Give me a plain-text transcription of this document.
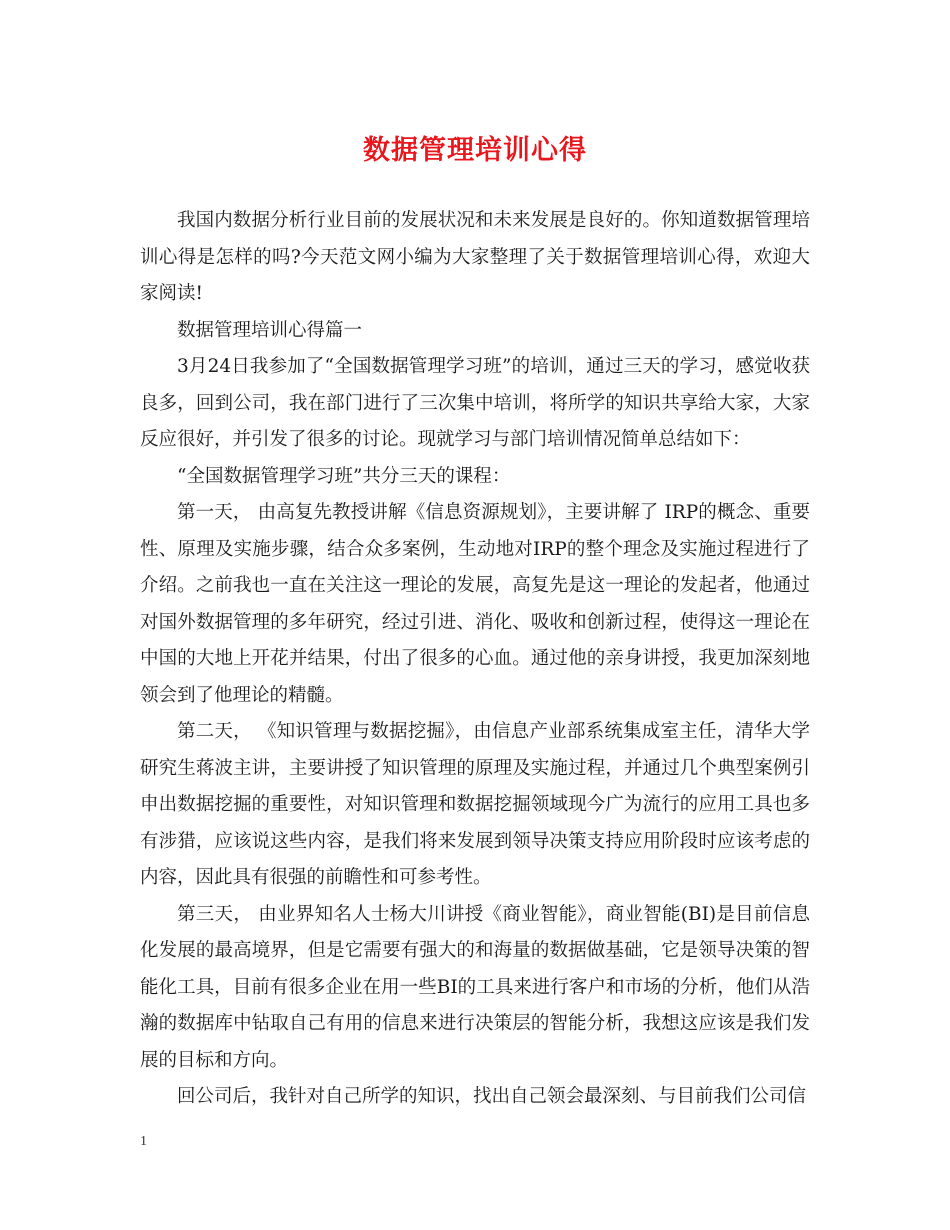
数据管理培训心得

我国内数据分析行业目前的发展状况和未来发展是良好的。你知道数据管理培训心得是怎样的吗?今天范文网小编为大家整理了关于数据管理培训心得，欢迎大家阅读!

数据管理培训心得篇一

3月24日我参加了“全国数据管理学习班”的培训，通过三天的学习，感觉收获良多，回到公司，我在部门进行了三次集中培训，将所学的知识共享给大家，大家反应很好，并引发了很多的讨论。现就学习与部门培训情况简单总结如下：

“全国数据管理学习班”共分三天的课程：

第一天， 由高复先教授讲解《信息资源规划》，主要讲解了 IRP的概念、重要性、原理及实施步骤，结合众多案例，生动地对IRP的整个理念及实施过程进行了介绍。之前我也一直在关注这一理论的发展，高复先是这一理论的发起者，他通过对国外数据管理的多年研究，经过引进、消化、吸收和创新过程，使得这一理论在中国的大地上开花并结果，付出了很多的心血。通过他的亲身讲授，我更加深刻地领会到了他理论的精髓。

第二天， 《知识管理与数据挖掘》，由信息产业部系统集成室主任，清华大学研究生蒋波主讲，主要讲授了知识管理的原理及实施过程，并通过几个典型案例引申出数据挖掘的重要性，对知识管理和数据挖掘领域现今广为流行的应用工具也多有涉猎，应该说这些内容，是我们将来发展到领导决策支持应用阶段时应该考虑的内容，因此具有很强的前瞻性和可参考性。

第三天， 由业界知名人士杨大川讲授《商业智能》，商业智能(BI)是目前信息化发展的最高境界，但是它需要有强大的和海量的数据做基础，它是领导决策的智能化工具，目前有很多企业在用一些BI的工具来进行客户和市场的分析，他们从浩瀚的数据库中钻取自己有用的信息来进行决策层的智能分析，我想这应该是我们发展的目标和方向。

回公司后，我针对自己所学的知识，找出自己领会最深刻、与目前我们公司信

1
